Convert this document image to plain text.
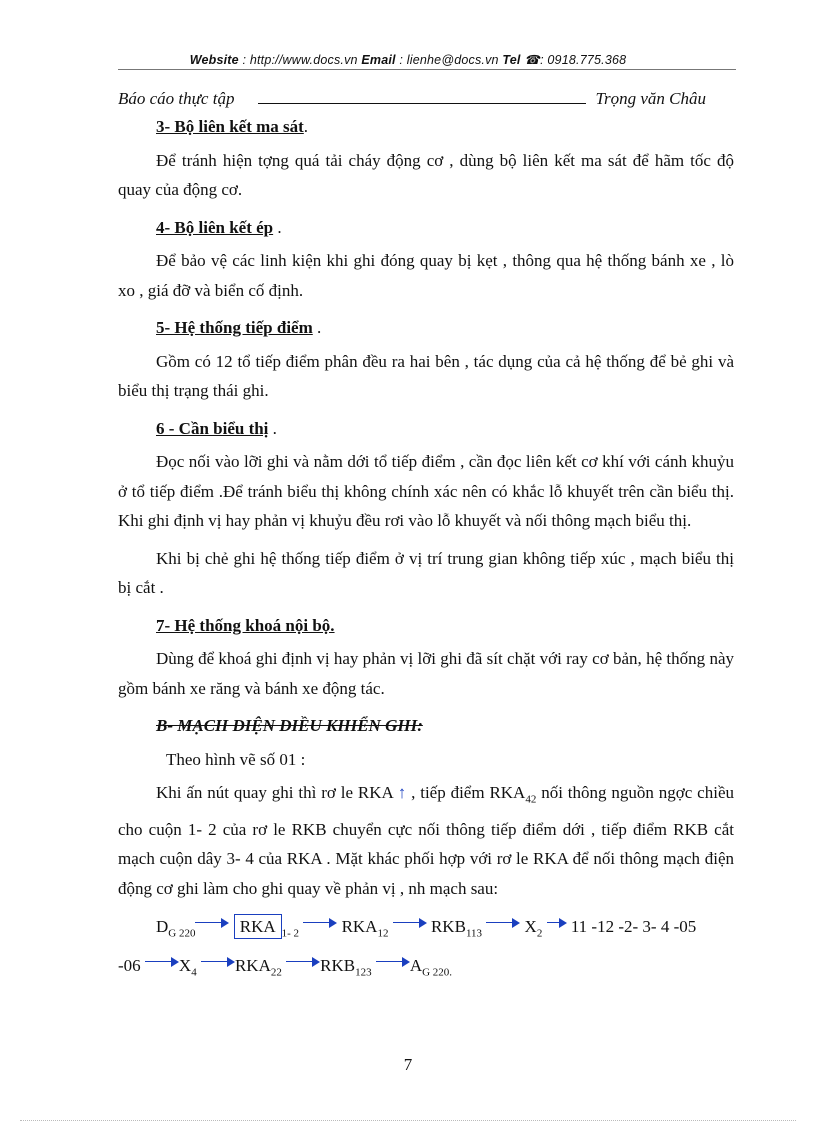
Website : http://www.docs.vn Email : lienhe@docs.vn Tel ☎: 0918.775.368
Báo cáo thực tập	Trọng văn Châu

3- Bộ liên kết ma sát.

Để tránh hiện tợng quá tải cháy động cơ , dùng bộ liên kết ma sát để hãm tốc độ quay của động cơ.

4- Bộ liên kết ép .

Để bảo vệ các linh kiện khi ghi đóng quay bị kẹt , thông qua hệ thống bánh xe , lò xo , giá đỡ và biển cố định.

5- Hệ thống tiếp điểm .

Gồm có 12 tổ tiếp điểm phân đều ra hai bên , tác dụng của cả hệ thống để bẻ ghi và biểu thị trạng thái ghi.

6 - Cần biểu thị .

Đọc nối vào lỡi ghi và nằm dới tổ tiếp điểm , cần đọc liên kết cơ khí với cánh khuỷu ở tổ tiếp điểm .Để tránh biểu thị không chính xác nên có khắc lỗ khuyết trên cần biểu thị. Khi ghi định vị hay phản vị khuỷu đều rơi vào lỗ khuyết và nối thông mạch biểu thị.

Khi bị chẻ ghi hệ thống tiếp điểm ở vị trí trung gian không tiếp xúc , mạch biểu thị bị cắt .

7- Hệ thống khoá nội bộ.

Dùng để khoá ghi định vị hay phản vị lỡi ghi đã sít chặt với ray cơ bản, hệ thống này gồm bánh xe răng và bánh xe động tác.

B- MẠCH ĐIỆN ĐIỀU KHIỂN GHI:

Theo hình vẽ số 01 :

Khi ấn nút quay ghi thì rơ le RKA ↑ , tiếp điểm $RKA_{42}$ nối thông nguồn ngợc chiều cho cuộn 1- 2 của rơ le RKB chuyển cực nối thông tiếp điểm dới , tiếp điểm RKB cắt mạch cuộn dây 3- 4 của RKA . Mặt khác phối hợp với rơ le RKA để nối thông mạch điện động cơ ghi làm cho ghi quay về phản vị , nh mạch sau:

$D_{G 220}$	RKA $_{1- 2}$	$RKA_{12}$	$RKB_{113}$	$X_2$ 11 -12 -2- 3- 4 -05
-06 $X_4$ $RKA_{22}$ $RKB_{123}$ $A_{G 220.}$
7
